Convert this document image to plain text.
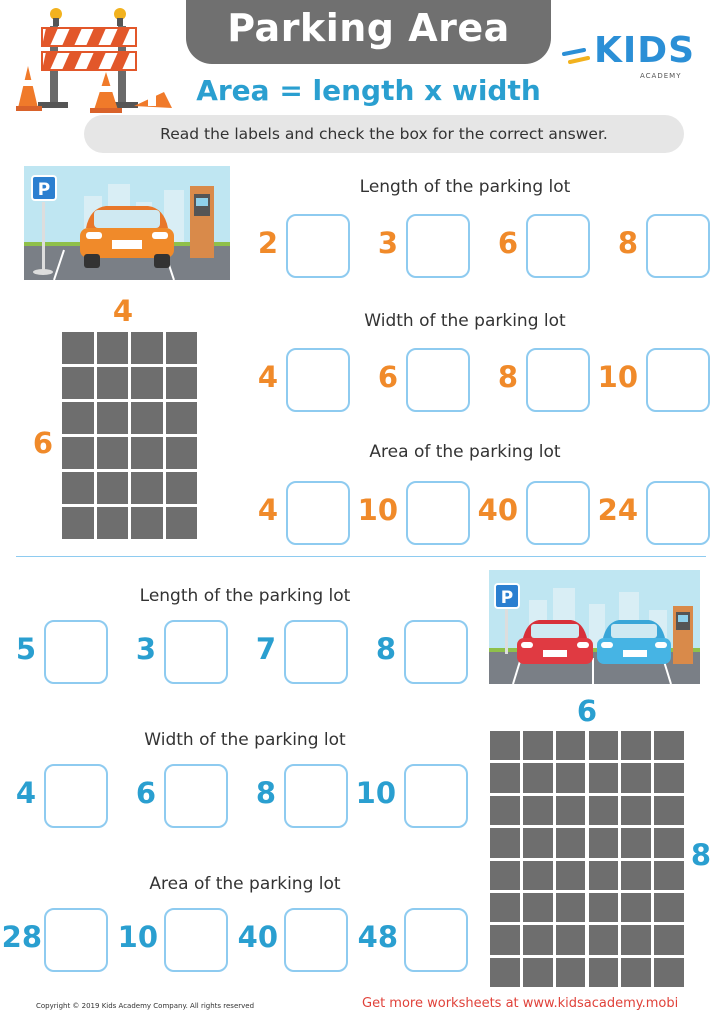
Parking Area
Area = length x width
KIDS
ACADEMY
Read the labels and check the box for the correct answer.
P	Length of the parking lot
Width of the parking lot
Area of the parking lot
2	3	6	8
4	6	8	10
4	10	40	24
4
6
Length of the parking lot
Width of the parking lot
Area of the parking lot
5	3	7	8
4	6	8	10
28	10	40	48
P
6
8
Copyright © 2019 Kids Academy Company. All rights reserved	Get more worksheets at www.kidsacademy.mobi
